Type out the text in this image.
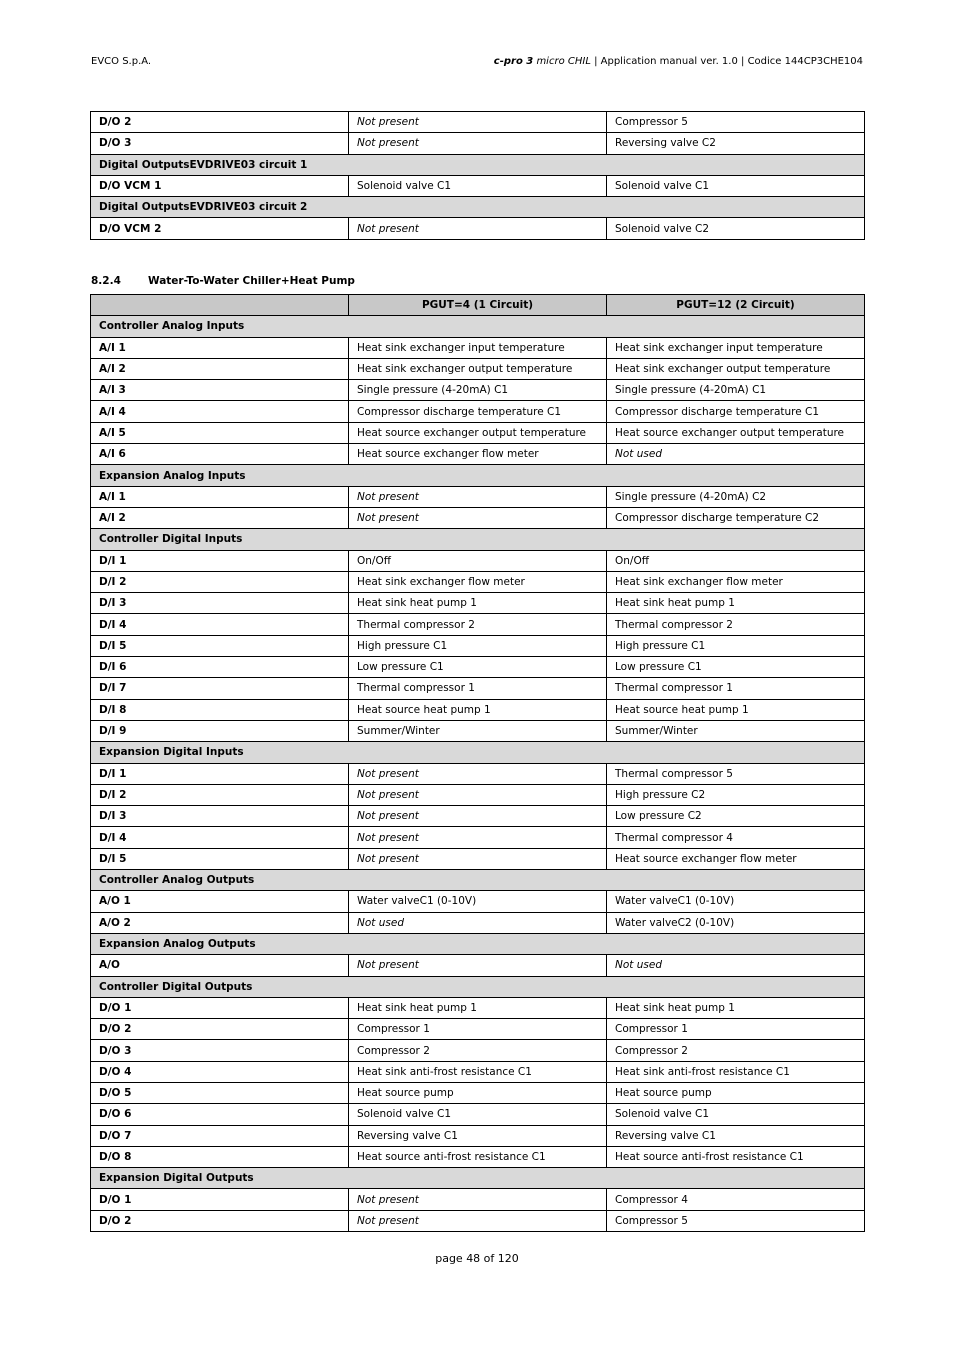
EVCO S.p.A.	c-pro 3 micro CHIL | Application manual ver. 1.0 | Codice 144CP3CHE104
D/O 2	Not present	Compressor 5
D/O 3	Not present	Reversing valve C2
Digital OutputsEVDRIVE03 circuit 1		
D/O VCM 1	Solenoid valve C1	Solenoid valve C1
Digital OutputsEVDRIVE03 circuit 2		
D/O VCM 2	Not present	Solenoid valve C2
8.2.4	Water-To-Water Chiller+Heat Pump
	PGUT=4 (1 Circuit)	PGUT=12 (2 Circuit)
Controller Analog Inputs		
A/I 1	Heat sink exchanger input temperature	Heat sink exchanger input temperature
A/I 2	Heat sink exchanger output temperature	Heat sink exchanger output temperature
A/I 3	Single pressure (4-20mA) C1	Single pressure (4-20mA) C1
A/I 4	Compressor discharge temperature C1	Compressor discharge temperature C1
A/I 5	Heat source exchanger output temperature	Heat source exchanger output temperature
A/I 6	Heat source exchanger flow meter	Not used
Expansion Analog Inputs		
A/I 1	Not present	Single pressure (4-20mA) C2
A/I 2	Not present	Compressor discharge temperature C2
Controller Digital Inputs		
D/I 1	On/Off	On/Off
D/I 2	Heat sink exchanger flow meter	Heat sink exchanger flow meter
D/I 3	Heat sink heat pump 1	Heat sink heat pump 1
D/I 4	Thermal compressor 2	Thermal compressor 2
D/I 5	High pressure C1	High pressure C1
D/I 6	Low pressure C1	Low pressure C1
D/I 7	Thermal compressor 1	Thermal compressor 1
D/I 8	Heat source heat pump 1	Heat source heat pump 1
D/I 9	Summer/Winter	Summer/Winter
Expansion Digital Inputs		
D/I 1	Not present	Thermal compressor 5
D/I 2	Not present	High pressure C2
D/I 3	Not present	Low pressure C2
D/I 4	Not present	Thermal compressor 4
D/I 5	Not present	Heat source exchanger flow meter
Controller Analog Outputs		
A/O 1	Water valveC1 (0-10V)	Water valveC1 (0-10V)
A/O 2	Not used	Water valveC2 (0-10V)
Expansion Analog Outputs		
A/O	Not present	Not used
Controller Digital Outputs		
D/O 1	Heat sink heat pump 1	Heat sink heat pump 1
D/O 2	Compressor 1	Compressor 1
D/O 3	Compressor 2	Compressor 2
D/O 4	Heat sink anti-frost resistance C1	Heat sink anti-frost resistance C1
D/O 5	Heat source pump	Heat source pump
D/O 6	Solenoid valve C1	Solenoid valve C1
D/O 7	Reversing valve C1	Reversing valve C1
D/O 8	Heat source anti-frost resistance C1	Heat source anti-frost resistance C1
Expansion Digital Outputs		
D/O 1	Not present	Compressor 4
D/O 2	Not present	Compressor 5
page 48 of 120
